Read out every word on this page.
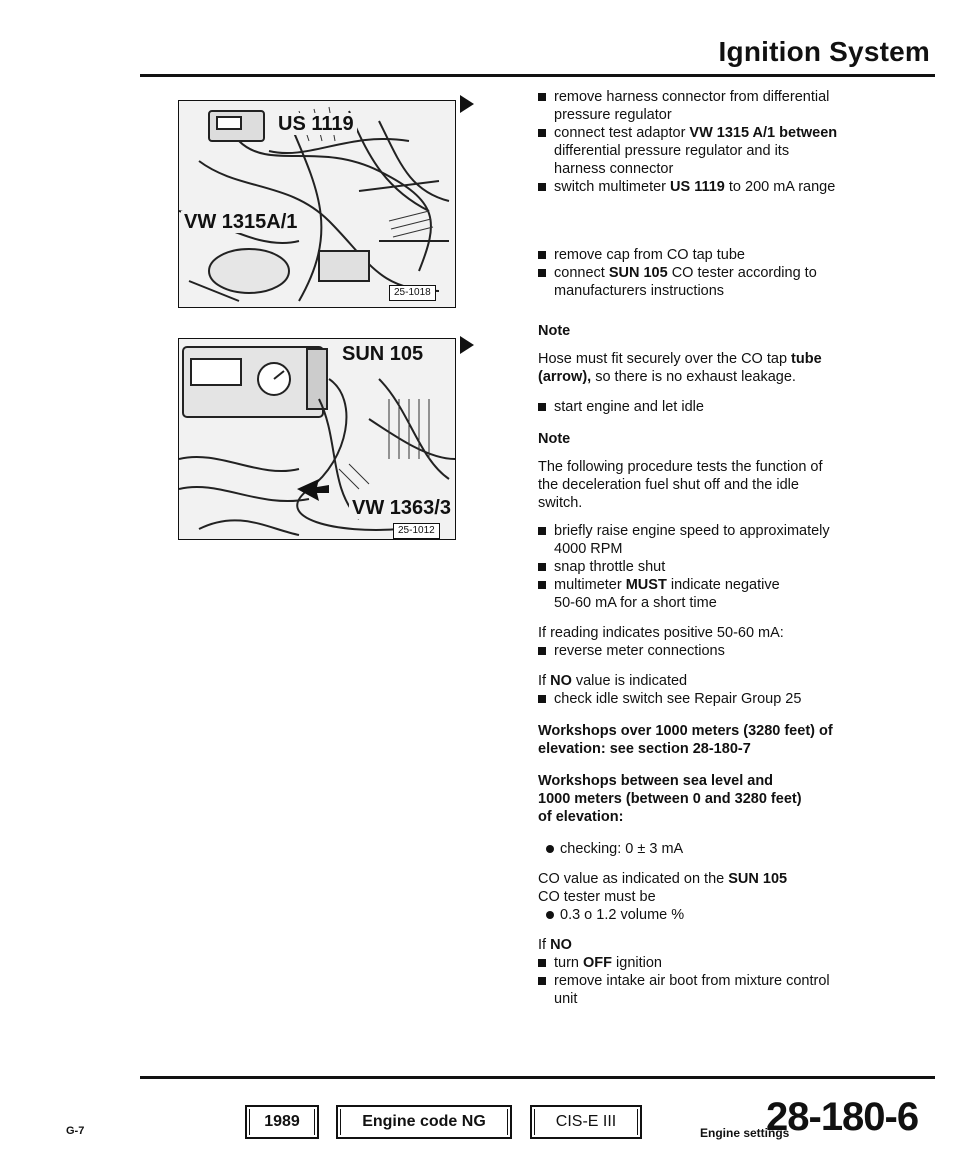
Ignition System
US 1119
VW 1315A/1
25-1018
SUN 105
VW 1363/3
25-1012
remove harness connector from differential
pressure regulator
connect test adaptor VW 1315 A/1 between
differential pressure regulator and its
harness connector
switch multimeter US 1119 to 200 mA range
remove cap from CO tap tube
connect SUN 105 CO tester according to
manufacturers instructions

Note

Hose must fit securely over the CO tap tube
(arrow), so there is no exhaust leakage.

start engine and let idle

Note

The following procedure tests the function of
the deceleration fuel shut off and the idle
switch.

briefly raise engine speed to approximately
4000 RPM
snap throttle shut
multimeter MUST indicate negative
50-60 mA for a short time

If reading indicates positive 50-60 mA:

reverse meter connections

If NO value is indicated

check idle switch see Repair Group 25

Workshops over 1000 meters (3280 feet) of
elevation: see section 28-180-7

Workshops between sea level and
1000 meters (between 0 and 3280 feet)
of elevation:

checking: 0 ± 3 mA

CO value as indicated on the SUN 105
CO tester must be

0.3 o 1.2 volume %

If NO

turn OFF ignition
remove intake air boot from mixture control
unit
G-7
1989	Engine code NG	CIS-E III
Engine settings
28-180-6
